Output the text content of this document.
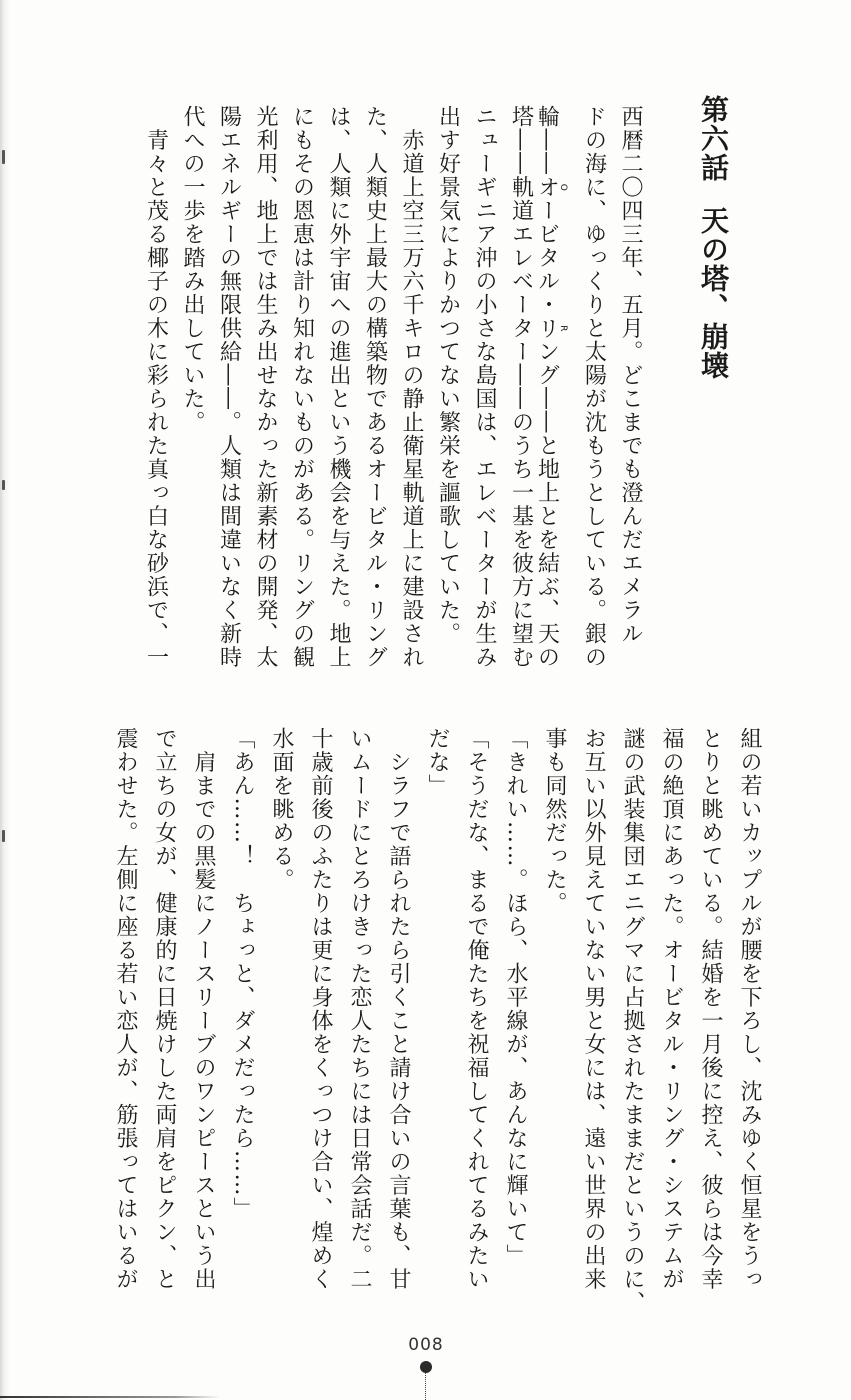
第六話天の塔、崩壊
西暦二〇四三年、五月。どこまでも澄んだエメラル
ドの海に、ゆっくりと太陽が沈もうとしている。銀の
輪――オOービタル・リRング――と地上とを結ぶ、天の
塔――軌道エレベーター――のうち一基を彼方に望む
ニューギニア沖の小さな島国は、エレベーターが生み
出す好景気によりかつてない繁栄を謳歌していた。
　赤道上空三万六千キロの静止衛星軌道上に建設され
た、人類史上最大の構築物であるオービタル・リング
は、人類に外宇宙への進出という機会を与えた。地上
にもその恩恵は計り知れないものがある。リングの観
光利用、地上では生み出せなかった新素材の開発、太
陽エネルギーの無限供給――。人類は間違いなく新時
代への一歩を踏み出していた。
　青々と茂る椰子の木に彩られた真っ白な砂浜で、一
組の若いカップルが腰を下ろし、沈みゆく恒星をうっ
とりと眺めている。結婚を一月後に控え、彼らは今幸
福の絶頂にあった。オービタル・リング・システムが
謎の武装集団エニグマに占拠されたままだというのに、
お互い以外見えていない男と女には、遠い世界の出来
事も同然だった。
「きれい……。ほら、水平線が、あんなに輝いて」
「そうだな、まるで俺たちを祝福してくれてるみたい
だな」
　シラフで語られたら引くこと請け合いの言葉も、甘
いムードにとろけきった恋人たちには日常会話だ。二
十歳前後のふたりは更に身体をくっつけ合い、煌めく
水面を眺める。
「あん……！　ちょっと、ダメだったら……」
　肩までの黒髪にノースリーブのワンピースという出
で立ちの女が、健康的に日焼けした両肩をピクン、と
震わせた。左側に座る若い恋人が、筋張ってはいるが
008
